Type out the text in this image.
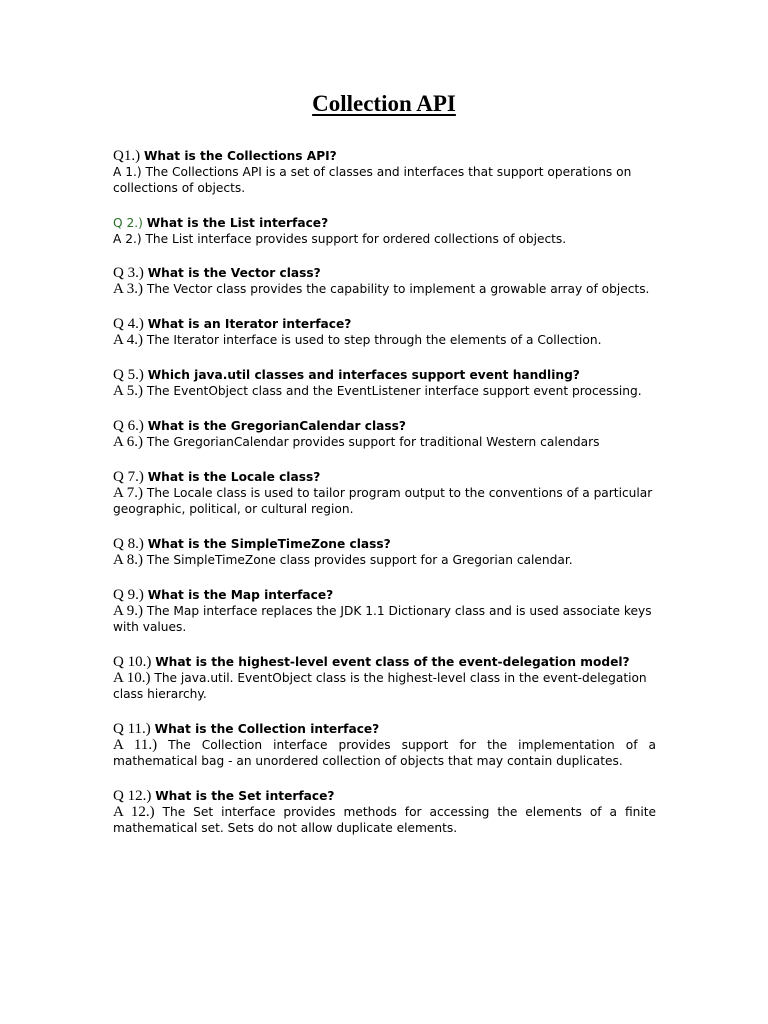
Collection API

Q1.) What is the Collections API?

A 1.) The Collections API is a set of classes and interfaces that support operations on collections of objects.

Q 2.) What is the List interface?

A 2.) The List interface provides support for ordered collections of objects.

Q 3.) What is the Vector class?

A 3.) The Vector class provides the capability to implement a growable array of objects.

Q 4.) What is an Iterator interface?

A 4.) The Iterator interface is used to step through the elements of a Collection.

Q 5.) Which java.util classes and interfaces support event handling?

A 5.) The EventObject class and the EventListener interface support event processing.

Q 6.) What is the GregorianCalendar class?

A 6.) The GregorianCalendar provides support for traditional Western calendars

Q 7.) What is the Locale class?

A 7.) The Locale class is used to tailor program output to the conventions of a particular geographic, political, or cultural region.

Q 8.) What is the SimpleTimeZone class?

A 8.) The SimpleTimeZone class provides support for a Gregorian calendar.

Q 9.) What is the Map interface?

A 9.) The Map interface replaces the JDK 1.1 Dictionary class and is used associate keys with values.

Q 10.) What is the highest-level event class of the event-delegation model?

A 10.) The java.util. EventObject class is the highest-level class in the event-delegation class hierarchy.

Q 11.) What is the Collection interface?

A 11.) The Collection interface provides support for the implementation of a mathematical bag - an unordered collection of objects that may contain duplicates.

Q 12.) What is the Set interface?

A 12.) The Set interface provides methods for accessing the elements of a finite mathematical set. Sets do not allow duplicate elements.
